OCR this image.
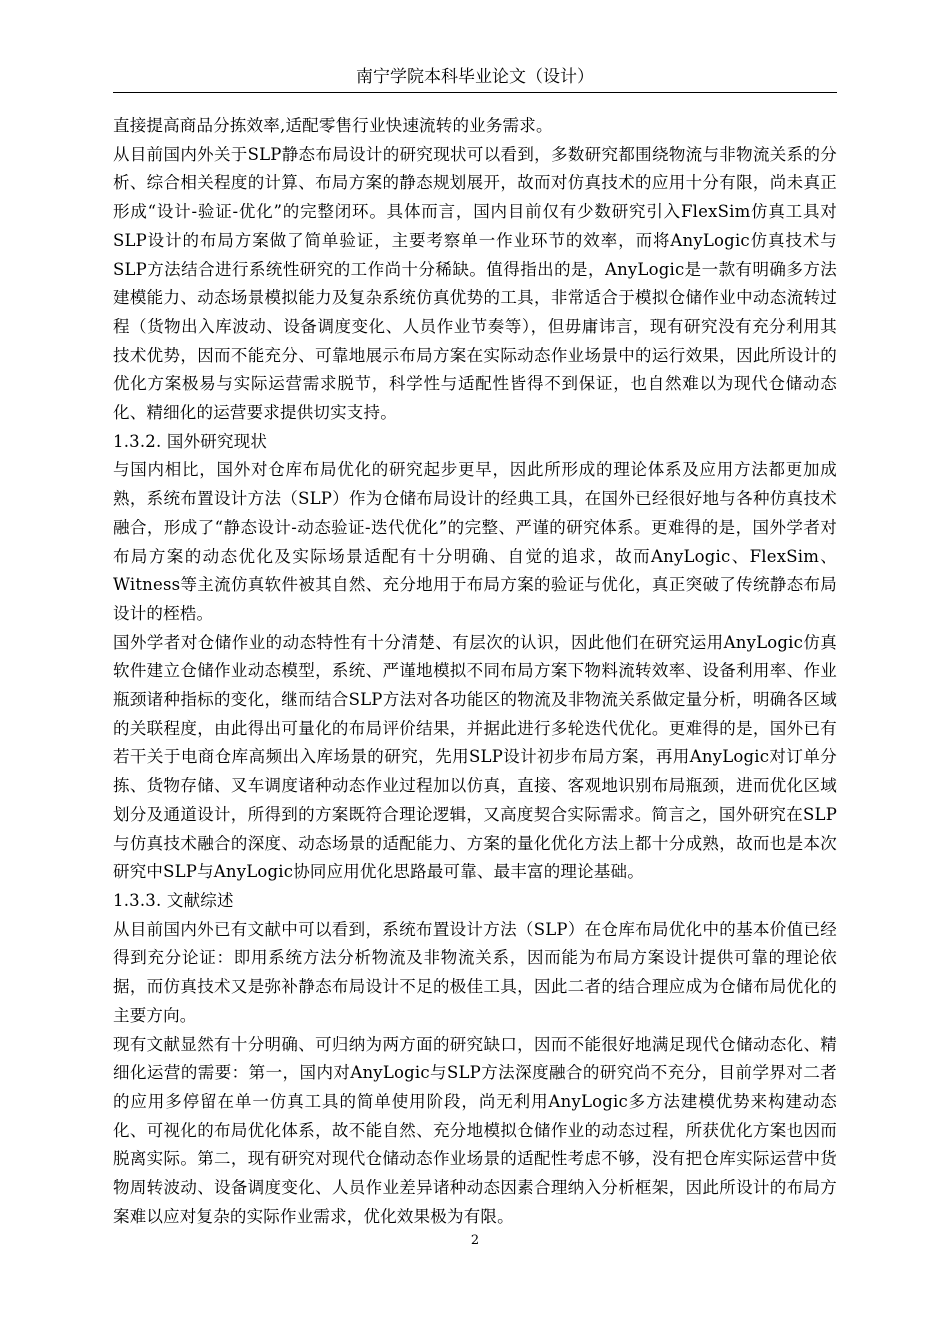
南宁学院本科毕业论文（设计）

直接提高商品分拣效率,适配零售行业快速流转的业务需求。

从目前国内外关于SLP静态布局设计的研究现状可以看到，多数研究都围绕物流与非物流关系的分析、综合相关程度的计算、布局方案的静态规划展开，故而对仿真技术的应用十分有限，尚未真正形成“设计-验证-优化”的完整闭环。具体而言，国内目前仅有少数研究引入FlexSim仿真工具对SLP设计的布局方案做了简单验证，主要考察单一作业环节的效率，而将AnyLogic仿真技术与SLP方法结合进行系统性研究的工作尚十分稀缺。值得指出的是，AnyLogic是一款有明确多方法建模能力、动态场景模拟能力及复杂系统仿真优势的工具，非常适合于模拟仓储作业中动态流转过程（货物出入库波动、设备调度变化、人员作业节奏等），但毋庸讳言，现有研究没有充分利用其技术优势，因而不能充分、可靠地展示布局方案在实际动态作业场景中的运行效果，因此所设计的优化方案极易与实际运营需求脱节，科学性与适配性皆得不到保证，也自然难以为现代仓储动态化、精细化的运营要求提供切实支持。

1.3.2. 国外研究现状

与国内相比，国外对仓库布局优化的研究起步更早，因此所形成的理论体系及应用方法都更加成熟，系统布置设计方法（SLP）作为仓储布局设计的经典工具，在国外已经很好地与各种仿真技术融合，形成了“静态设计-动态验证-迭代优化”的完整、严谨的研究体系。更难得的是，国外学者对布局方案的动态优化及实际场景适配有十分明确、自觉的追求，故而AnyLogic、FlexSim、Witness等主流仿真软件被其自然、充分地用于布局方案的验证与优化，真正突破了传统静态布局设计的桎梏。

国外学者对仓储作业的动态特性有十分清楚、有层次的认识，因此他们在研究运用AnyLogic仿真软件建立仓储作业动态模型，系统、严谨地模拟不同布局方案下物料流转效率、设备利用率、作业瓶颈诸种指标的变化，继而结合SLP方法对各功能区的物流及非物流关系做定量分析，明确各区域的关联程度，由此得出可量化的布局评价结果，并据此进行多轮迭代优化。更难得的是，国外已有若干关于电商仓库高频出入库场景的研究，先用SLP设计初步布局方案，再用AnyLogic对订单分拣、货物存储、叉车调度诸种动态作业过程加以仿真，直接、客观地识别布局瓶颈，进而优化区域划分及通道设计，所得到的方案既符合理论逻辑，又高度契合实际需求。简言之，国外研究在SLP与仿真技术融合的深度、动态场景的适配能力、方案的量化优化方法上都十分成熟，故而也是本次研究中SLP与AnyLogic协同应用优化思路最可靠、最丰富的理论基础。

1.3.3. 文献综述

从目前国内外已有文献中可以看到，系统布置设计方法（SLP）在仓库布局优化中的基本价值已经得到充分论证：即用系统方法分析物流及非物流关系，因而能为布局方案设计提供可靠的理论依据，而仿真技术又是弥补静态布局设计不足的极佳工具，因此二者的结合理应成为仓储布局优化的主要方向。

现有文献显然有十分明确、可归纳为两方面的研究缺口，因而不能很好地满足现代仓储动态化、精细化运营的需要：第一，国内对AnyLogic与SLP方法深度融合的研究尚不充分，目前学界对二者的应用多停留在单一仿真工具的简单使用阶段，尚无利用AnyLogic多方法建模优势来构建动态化、可视化的布局优化体系，故不能自然、充分地模拟仓储作业的动态过程，所获优化方案也因而脱离实际。第二，现有研究对现代仓储动态作业场景的适配性考虑不够，没有把仓库实际运营中货物周转波动、设备调度变化、人员作业差异诸种动态因素合理纳入分析框架，因此所设计的布局方案难以应对复杂的实际作业需求，优化效果极为有限。

2
